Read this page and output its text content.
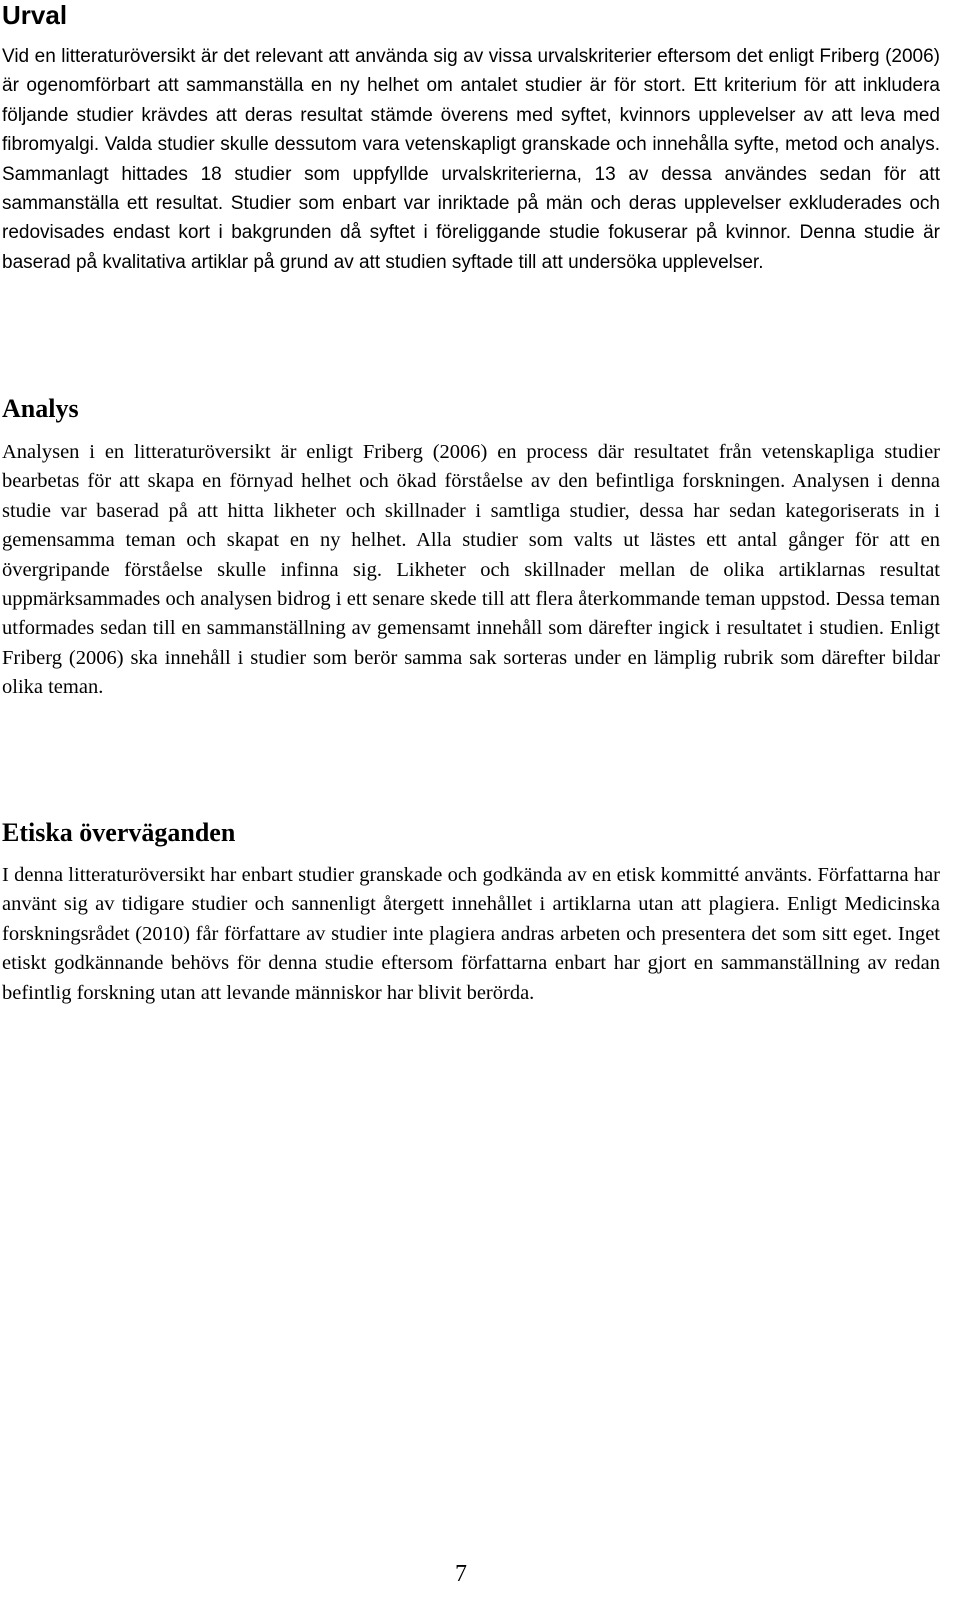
Urval

Vid en litteraturöversikt är det relevant att använda sig av vissa urvalskriterier eftersom det enligt Friberg (2006) är ogenomförbart att sammanställa en ny helhet om antalet studier är för stort. Ett kriterium för att inkludera följande studier krävdes att deras resultat stämde överens med syftet, kvinnors upplevelser av att leva med fibromyalgi. Valda studier skulle dessutom vara vetenskapligt granskade och innehålla syfte, metod och analys. Sammanlagt hittades 18 studier som uppfyllde urvalskriterierna, 13 av dessa användes sedan för att sammanställa ett resultat. Studier som enbart var inriktade på män och deras upplevelser exkluderades och redovisades endast kort i bakgrunden då syftet i föreliggande studie fokuserar på kvinnor. Denna studie är baserad på kvalitativa artiklar på grund av att studien syftade till att undersöka upplevelser.

Analys

Analysen i en litteraturöversikt är enligt Friberg (2006) en process där resultatet från vetenskapliga studier bearbetas för att skapa en förnyad helhet och ökad förståelse av den befintliga forskningen. Analysen i denna studie var baserad på att hitta likheter och skillnader i samtliga studier, dessa har sedan kategoriserats in i gemensamma teman och skapat en ny helhet. Alla studier som valts ut lästes ett antal gånger för att en övergripande förståelse skulle infinna sig. Likheter och skillnader mellan de olika artiklarnas resultat uppmärksammades och analysen bidrog i ett senare skede till att flera återkommande teman uppstod. Dessa teman utformades sedan till en sammanställning av gemensamt innehåll som därefter ingick i resultatet i studien. Enligt Friberg (2006) ska innehåll i studier som berör samma sak sorteras under en lämplig rubrik som därefter bildar olika teman.

Etiska överväganden

I denna litteraturöversikt har enbart studier granskade och godkända av en etisk kommitté använts. Författarna har använt sig av tidigare studier och sannenligt återgett innehållet i artiklarna utan att plagiera. Enligt Medicinska forskningsrådet (2010) får författare av studier inte plagiera andras arbeten och presentera det som sitt eget. Inget etiskt godkännande behövs för denna studie eftersom författarna enbart har gjort en sammanställning av redan befintlig forskning utan att levande människor har blivit berörda.

7
